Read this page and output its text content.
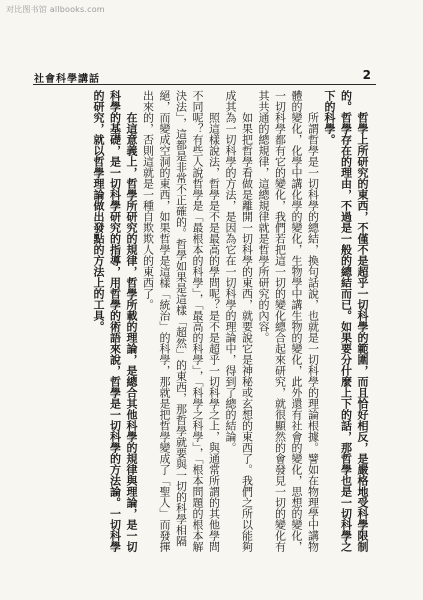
对比图书馆 allbooks.com
社會科學講話	2

哲學上所研究的東西，不僅不是超乎一切科學的範圍，而且恰好相反，是嚴格地受科學限制的。哲學存在的理由，不過是一般的總結而已。如果要分什麼上下的話，那哲學也是一切科學之下的科學。

所謂哲學是一切科學的總結，換句話說，也就是一切科學的理論根據。譬如在物理學中講物體的變化，化學中講化學的變化，生物學中講生物的變化，此外還有社會的變化，思想的變化，一切科學都有它的變化，我們若把這一切的變化總合起來研究，就很顯然的會發見一切的變化有其共通的總規律，這總規律就是哲學所研究的內容。

如果把哲學看做是離開一切科學的東西，就要說它是神秘或玄想的東西了。我們之所以能夠成其為一切科學的方法，是因為它在一切科學的理論中，得到了總的結論。

照這樣說法，哲學是不是最高的學問呢？是不是超乎一切科學之上，與通常所謂的其他學問不同呢？有些人說哲學是「最根本的科學」，「最高的科學」，「科學之科學」，「根本問題的根本解決法」，這都是非常不正確的。哲學如果是這樣「超然」的東西，那哲學就要與一切的科學相隔絕，而變成空洞的東西，如果哲學是這樣「統治」的科學，那就是把哲學變成了「聖人」而發揮出來的，否則這就是一種自欺欺人的東西了。

在這意義上，哲學所研究的規律，哲學所載的理論，是總合其他科學的規律與理論，是一切科學的基礎，是一切科學研究的指導，用哲學的術語來說，哲學是一切科學的方法論。一切科學的研究，就以哲學理論做出發點的方法上的工具。
